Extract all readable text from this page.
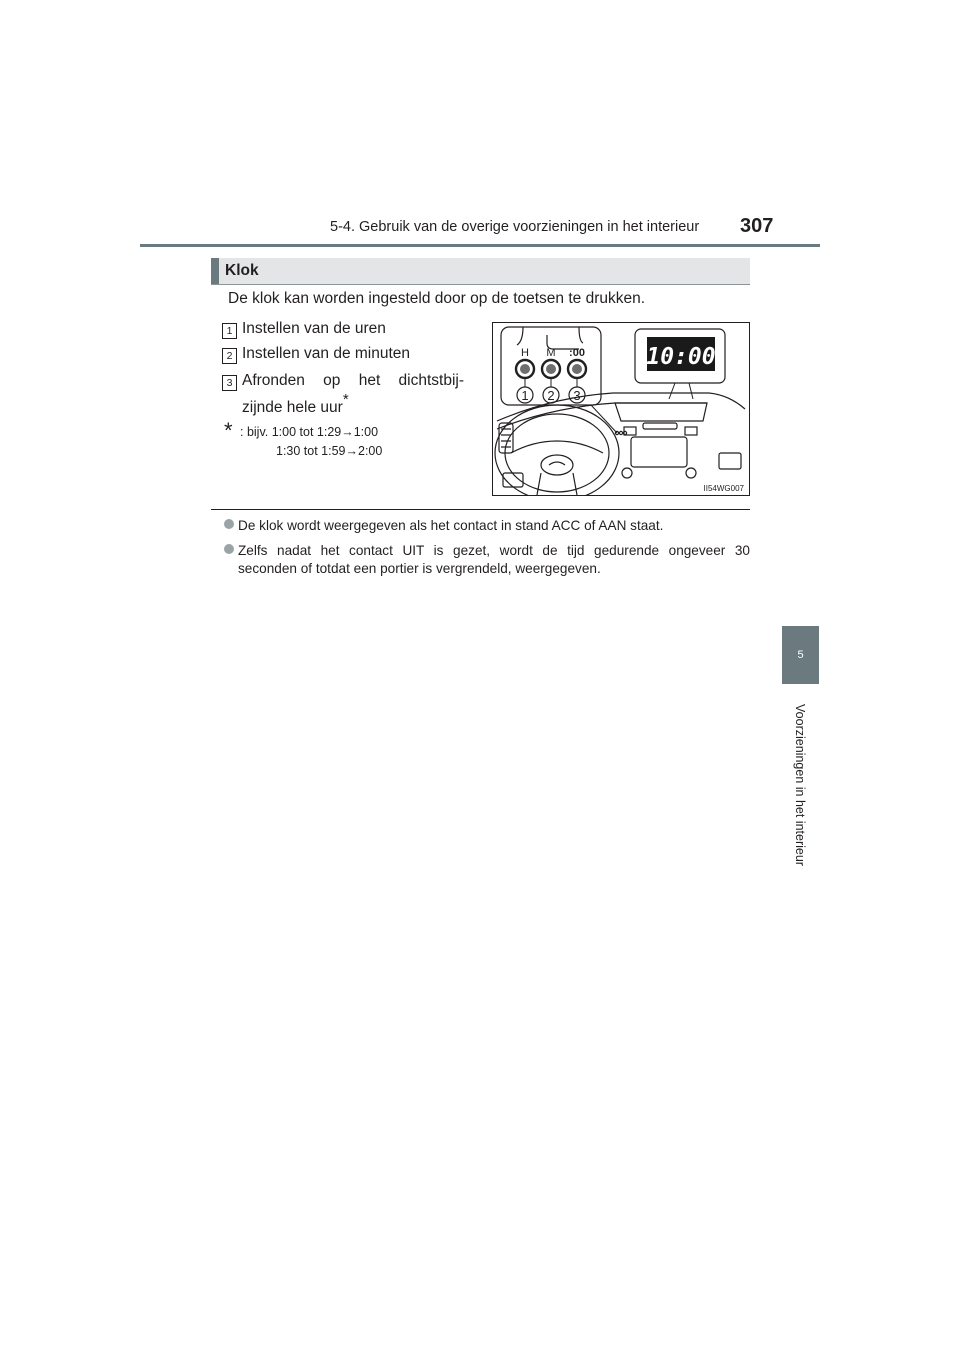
5-4. Gebruik van de overige voorzieningen in het interieur 307
5
Voorzieningen in het interieur
Klok
De klok kan worden ingesteld door op de toetsen te drukken.
1 Instellen van de uren
2 Instellen van de minuten
3 Afronden op het dichtstbij-
zijnde hele uur*
* : bijv. 1:00 tot 1:29→1:00
1:30 tot 1:59→2:00
10:00
H M :00
1 2 3
II54WG007
De klok wordt weergegeven als het contact in stand ACC of AAN staat.
Zelfs nadat het contact UIT is gezet, wordt de tijd gedurende ongeveer 30
seconden of totdat een portier is vergrendeld, weergegeven.
